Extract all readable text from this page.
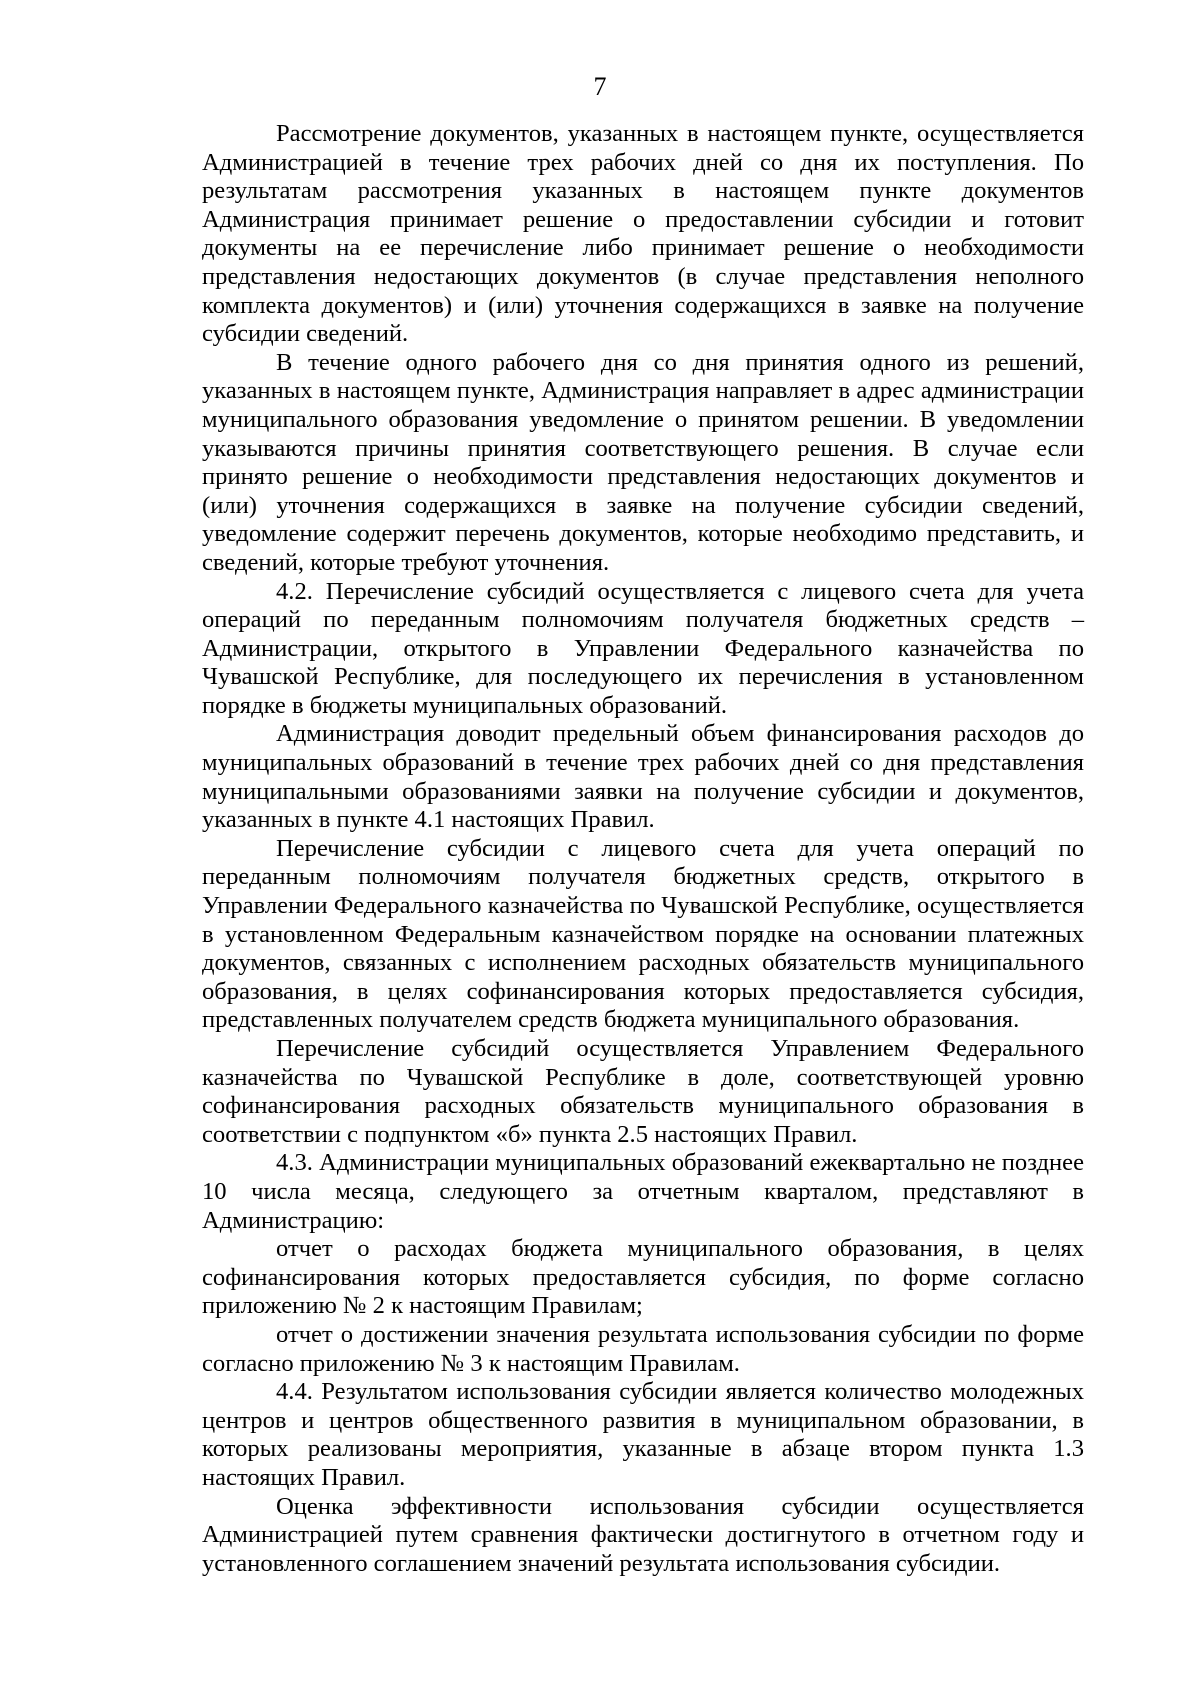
7

Рассмотрение документов, указанных в настоящем пункте, осуществляется Администрацией в течение трех рабочих дней со дня их поступления. По результатам рассмотрения указанных в настоящем пункте документов Администрация принимает решение о предоставлении субсидии и готовит документы на ее перечисление либо принимает решение о необходимости представления недостающих документов (в случае представления неполного комплекта документов) и (или) уточнения содержащихся в заявке на получение субсидии сведений.

В течение одного рабочего дня со дня принятия одного из решений, указанных в настоящем пункте, Администрация направляет в адрес администрации муниципального образования уведомление о принятом решении. В уведомлении указываются причины принятия соответствующего решения. В случае если принято решение о необходимости представления недостающих документов и (или) уточнения содержащихся в заявке на получение субсидии сведений, уведомление содержит перечень документов, которые необходимо представить, и сведений, которые требуют уточнения.

4.2. Перечисление субсидий осуществляется с лицевого счета для учета операций по переданным полномочиям получателя бюджетных средств – Администрации, открытого в Управлении Федерального казначейства по Чувашской Республике, для последующего их перечисления в установленном порядке в бюджеты муниципальных образований.

Администрация доводит предельный объем финансирования расходов до муниципальных образований в течение трех рабочих дней со дня представления муниципальными образованиями заявки на получение субсидии и документов, указанных в пункте 4.1 настоящих Правил.

Перечисление субсидии с лицевого счета для учета операций по переданным полномочиям получателя бюджетных средств, открытого в Управлении Федерального казначейства по Чувашской Республике, осуществляется в установленном Федеральным казначейством порядке на основании платежных документов, связанных с исполнением расходных обязательств муниципального образования, в целях софинансирования которых предоставляется субсидия, представленных получателем средств бюджета муниципального образования.

Перечисление субсидий осуществляется Управлением Федерального казначейства по Чувашской Республике в доле, соответствующей уровню софинансирования расходных обязательств муниципального образования в соответствии с подпунктом «б» пункта 2.5 настоящих Правил.

4.3. Администрации муниципальных образований ежеквартально не позднее 10 числа месяца, следующего за отчетным кварталом, представляют в Администрацию:

отчет о расходах бюджета муниципального образования, в целях софинансирования которых предоставляется субсидия, по форме согласно приложению № 2 к настоящим Правилам;

отчет о достижении значения результата использования субсидии по форме согласно приложению № 3 к настоящим Правилам.

4.4. Результатом использования субсидии является количество молодежных центров и центров общественного развития в муниципальном образовании, в которых реализованы мероприятия, указанные в абзаце втором пункта 1.3 настоящих Правил.

Оценка эффективности использования субсидии осуществляется Администрацией путем сравнения фактически достигнутого в отчетном году и установленного соглашением значений результата использования субсидии.
